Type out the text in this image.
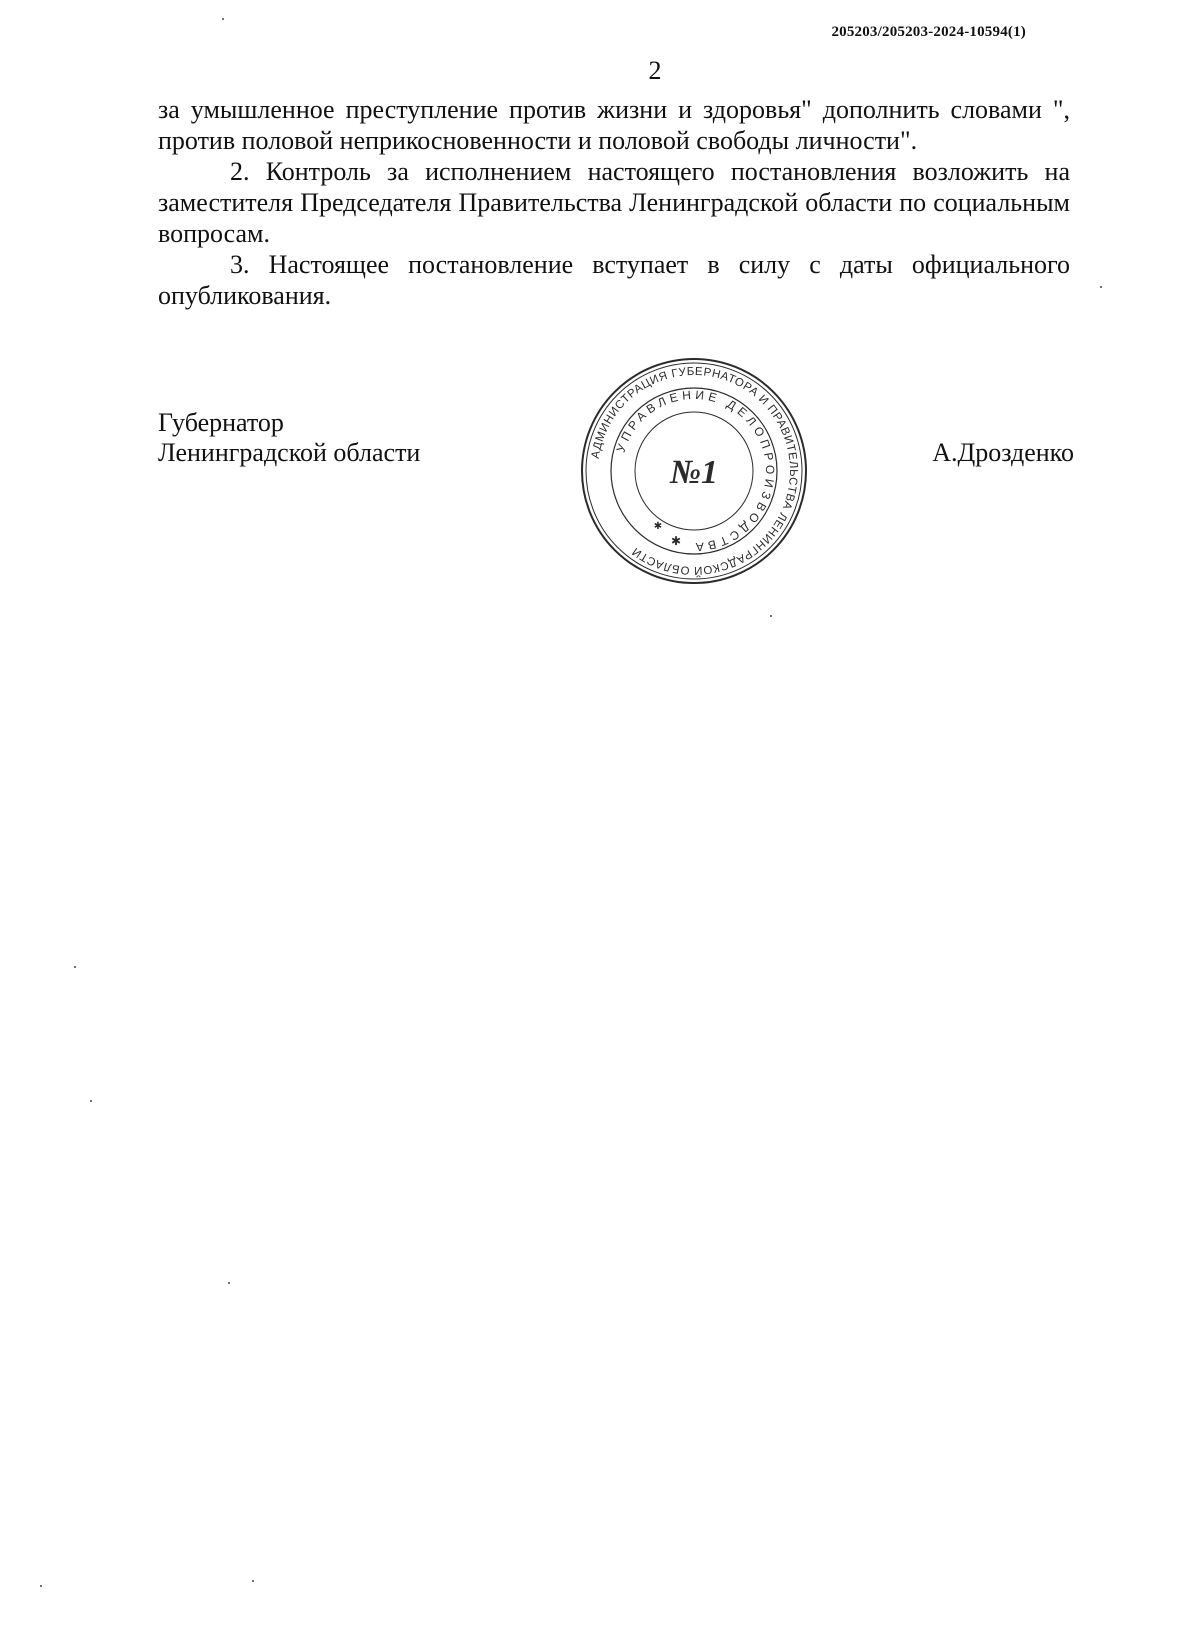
205203/205203-2024-10594(1)
2

за умышленное преступление против жизни и здоровья" дополнить словами ", против половой неприкосновенности и половой свободы личности".

2. Контроль за исполнением настоящего постановления возложить на заместителя Председателя Правительства Ленинградской области по социальным вопросам.

3. Настоящее постановление вступает в силу с даты официального опубликования.

Губернатор
Ленинградской области	А.Дрозденко
АДМИНИСТРАЦИЯ ГУБЕРНАТОРА И ПРАВИТЕЛЬСТВА ЛЕНИНГРАДСКОЙ ОБЛАСТИ
УПРАВЛЕНИЕ ДЕЛОПРОИЗВОДСТВА
№1
✱
✱
